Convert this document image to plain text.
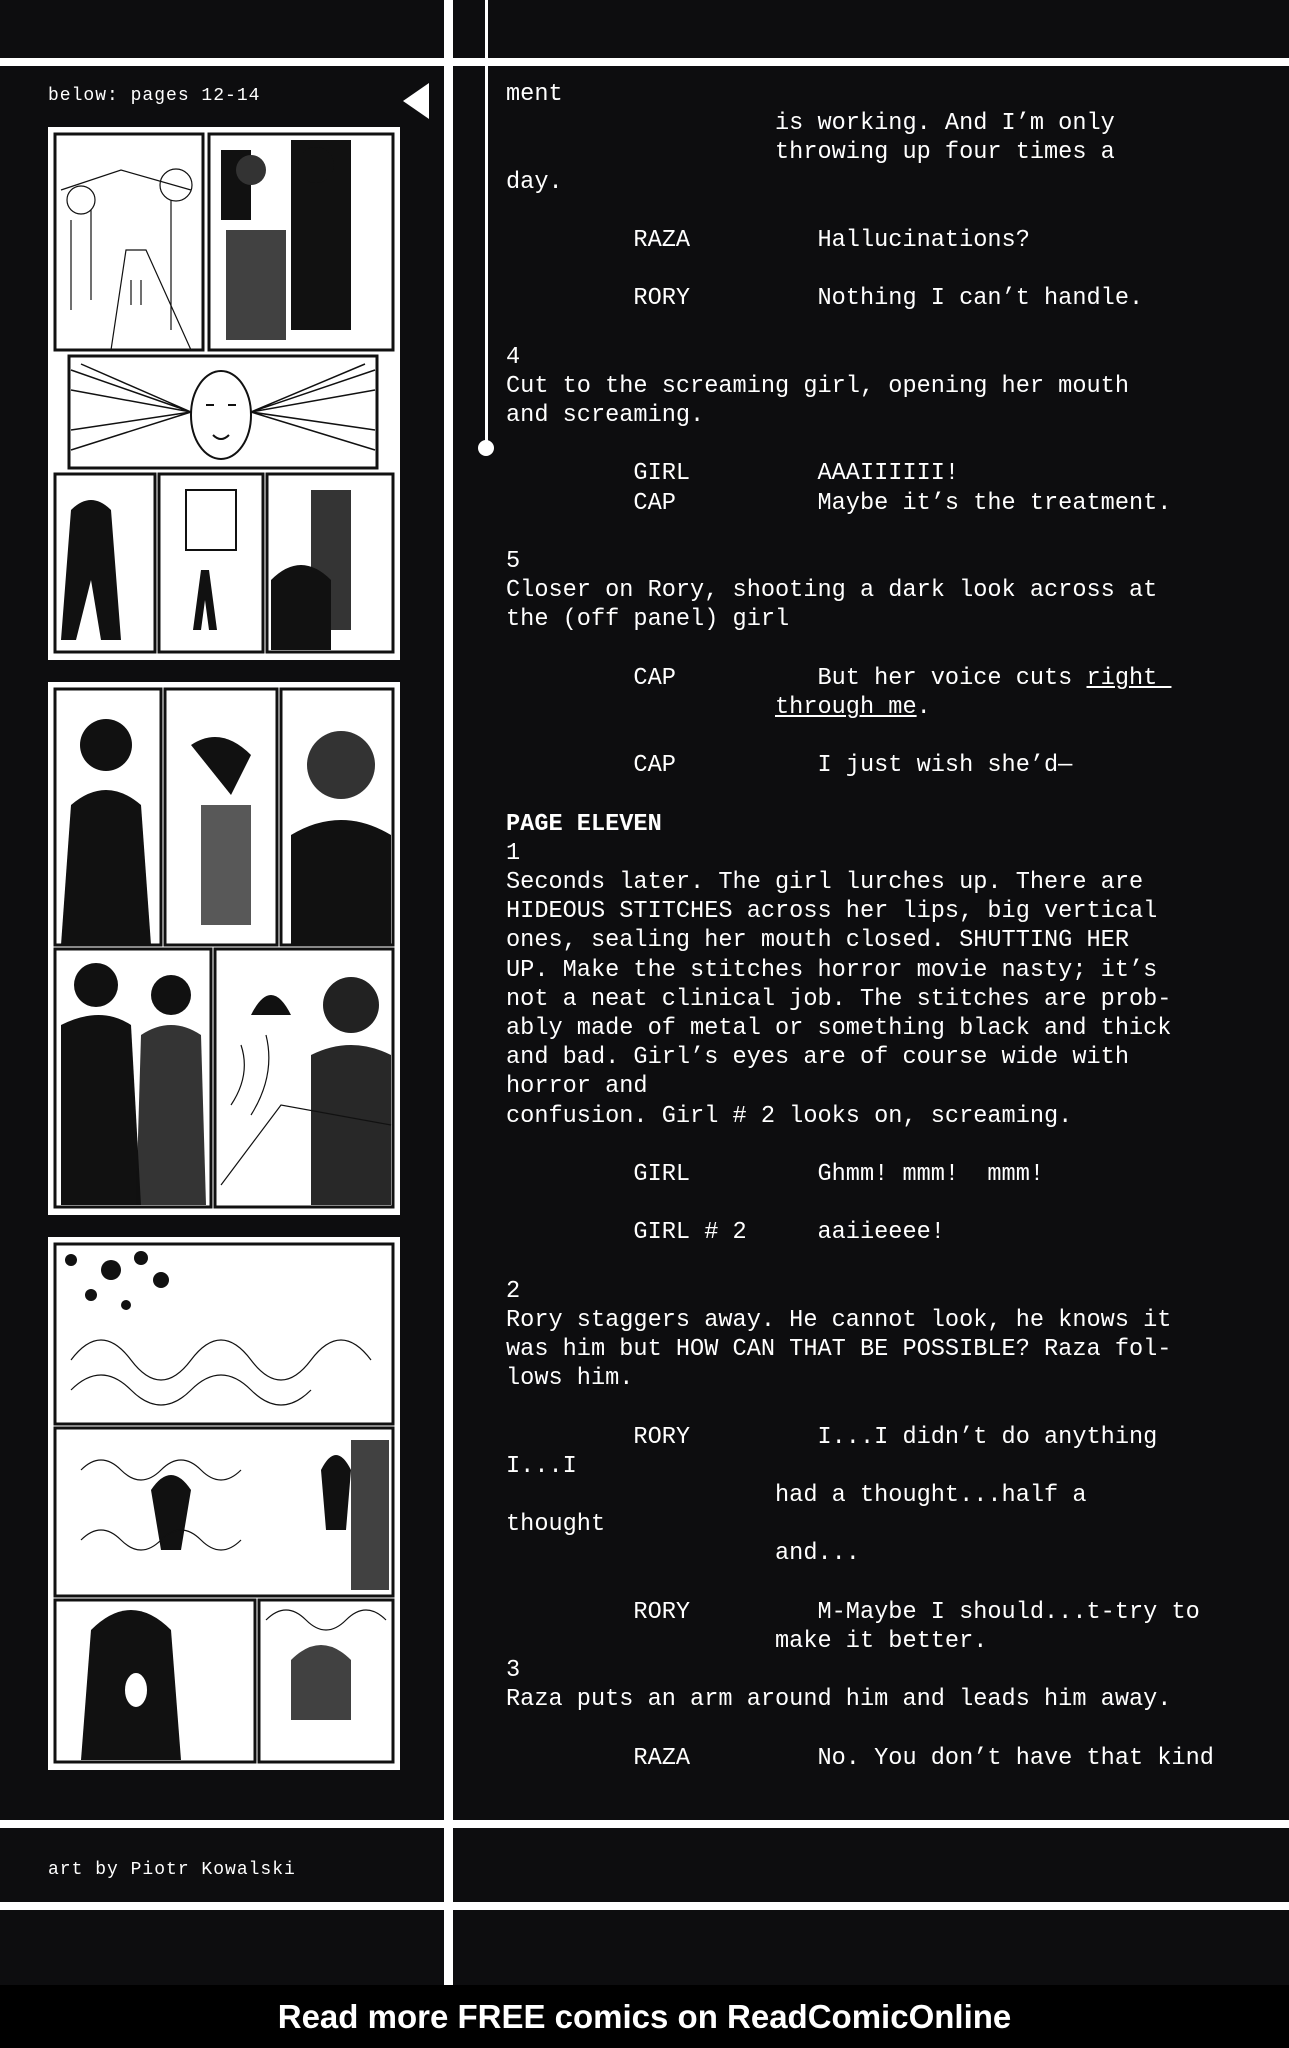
below: pages 12-14
art by Piotr Kowalski
ment
is working. And I’m only
throwing up four times a
day.
RAZA         Hallucinations?
RORY         Nothing I can’t handle.
4
Cut to the screaming girl, opening her mouth
and screaming.
GIRL         AAAIIIIII!
CAP          Maybe it’s the treatment.
5
Closer on Rory, shooting a dark look across at
the (off panel) girl
CAP          But her voice cuts right
through me.
CAP          I just wish she’d—
PAGE ELEVEN
1
Seconds later. The girl lurches up. There are
HIDEOUS STITCHES across her lips, big vertical
ones, sealing her mouth closed. SHUTTING HER
UP. Make the stitches horror movie nasty; it’s
not a neat clinical job. The stitches are prob-
ably made of metal or something black and thick
and bad. Girl’s eyes are of course wide with
horror and
confusion. Girl # 2 looks on, screaming.
GIRL         Ghmm! mmm!  mmm!
GIRL # 2     aaiieeee!
2
Rory staggers away. He cannot look, he knows it
was him but HOW CAN THAT BE POSSIBLE? Raza fol-
lows him.
RORY         I...I didn’t do anything
I...I
had a thought...half a
thought
and...
RORY         M-Maybe I should...t-try to
make it better.
3
Raza puts an arm around him and leads him away.
RAZA         No. You don’t have that kind
Read more FREE comics on ReadComicOnline
